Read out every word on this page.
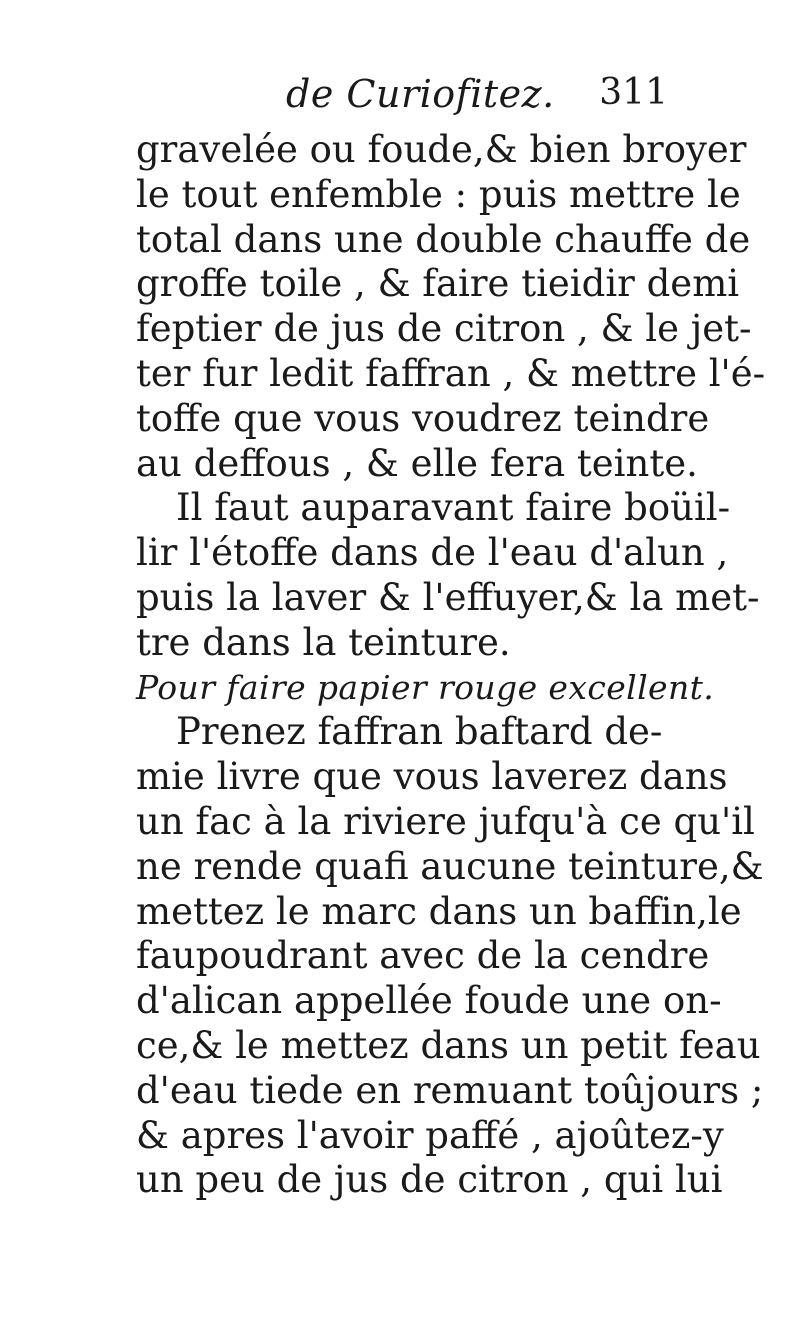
de Curiofitez. 311
gravelée ou foude,& bien broyer
le tout enfemble : puis mettre le
total dans une double chauffe de
groffe toile , & faire tieidir demi
feptier de jus de citron , & le jet-
ter fur ledit faffran , & mettre l'é-
toffe que vous voudrez teindre
au deffous , & elle fera teinte.
Il faut auparavant faire boüil-
lir l'étoffe dans de l'eau d'alun ,
puis la laver & l'effuyer,& la met-
tre dans la teinture.
Pour faire papier rouge excellent.
Prenez faffran baftard de-
mie livre que vous laverez dans
un fac à la riviere jufqu'à ce qu'il
ne rende quafi aucune teinture,&
mettez le marc dans un baffin,le
faupoudrant avec de la cendre
d'alican appellée foude une on-
ce,& le mettez dans un petit feau
d'eau tiede en remuant toûjours ;
& apres l'avoir paffé , ajoûtez-y
un peu de jus de citron , qui lui
